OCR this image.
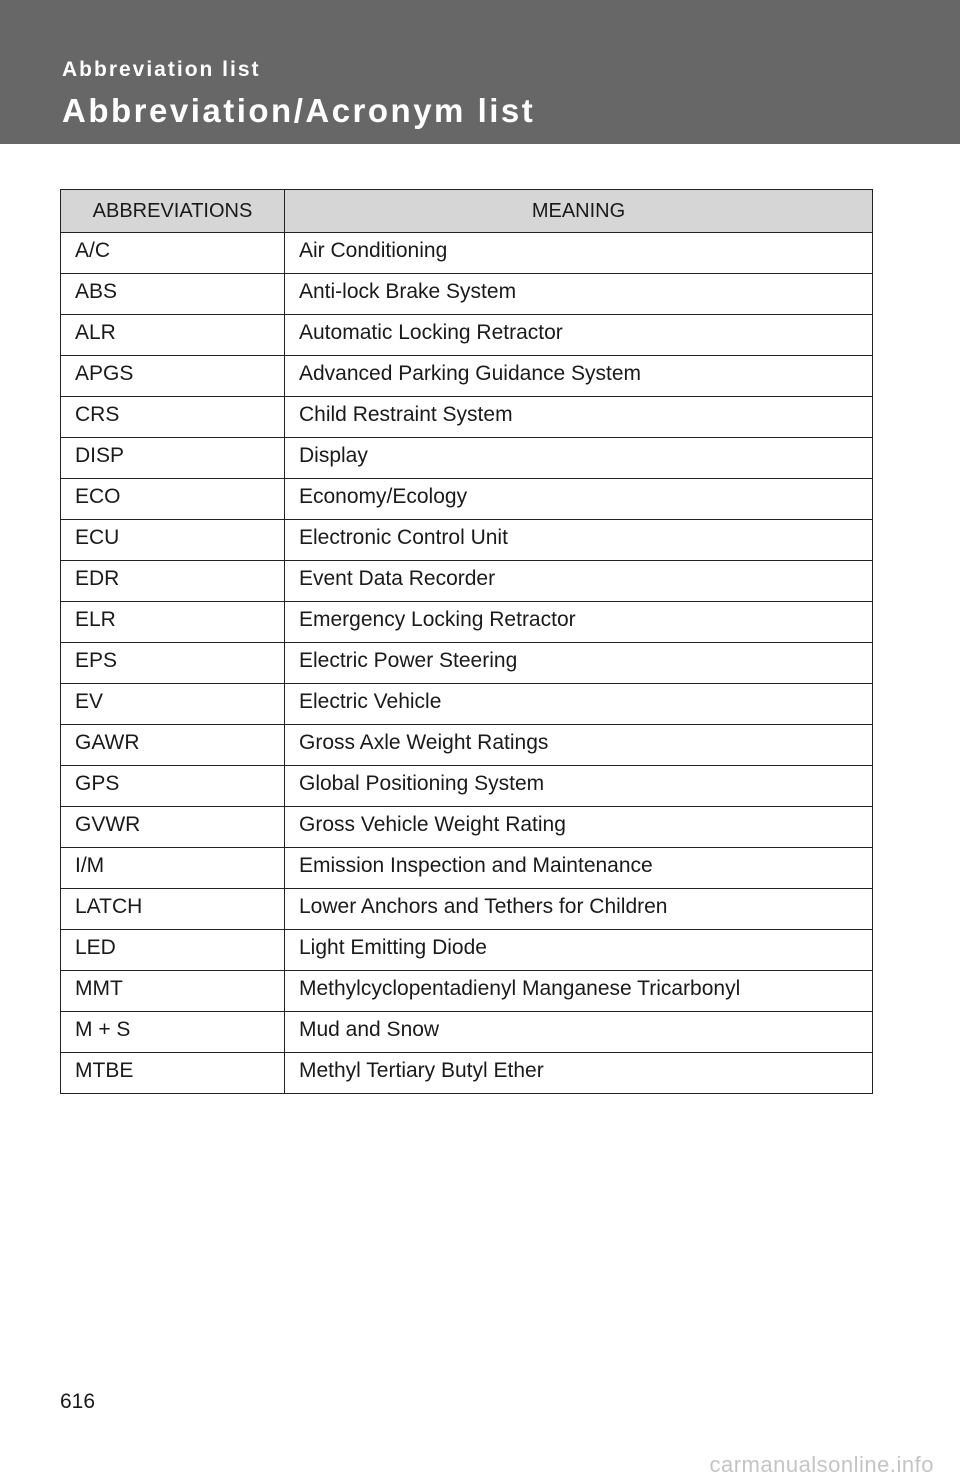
Abbreviation list
Abbreviation/Acronym list
ABBREVIATIONS	MEANING
A/C	Air Conditioning
ABS	Anti-lock Brake System
ALR	Automatic Locking Retractor
APGS	Advanced Parking Guidance System
CRS	Child Restraint System
DISP	Display
ECO	Economy/Ecology
ECU	Electronic Control Unit
EDR	Event Data Recorder
ELR	Emergency Locking Retractor
EPS	Electric Power Steering
EV	Electric Vehicle
GAWR	Gross Axle Weight Ratings
GPS	Global Positioning System
GVWR	Gross Vehicle Weight Rating
I/M	Emission Inspection and Maintenance
LATCH	Lower Anchors and Tethers for Children
LED	Light Emitting Diode
MMT	Methylcyclopentadienyl Manganese Tricarbonyl
M + S	Mud and Snow
MTBE	Methyl Tertiary Butyl Ether
616
carmanualsonline.info
